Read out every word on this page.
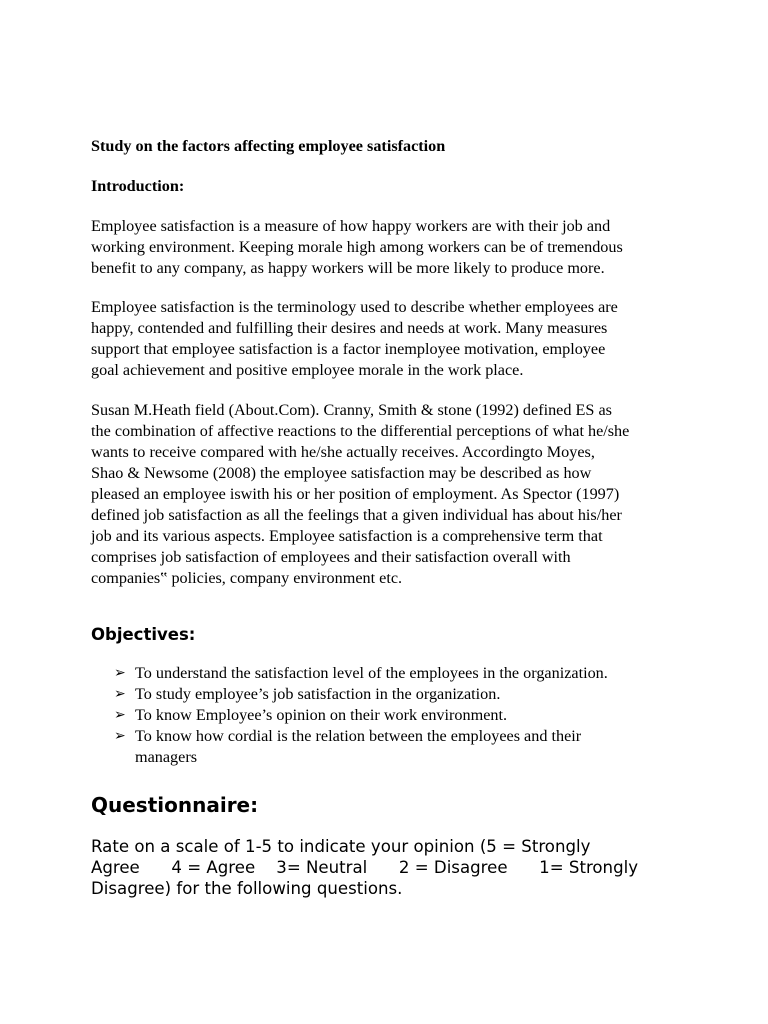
Study on the factors affecting employee satisfaction

Introduction:

Employee satisfaction is a measure of how happy workers are with their job and
working environment. Keeping morale high among workers can be of tremendous
benefit to any company, as happy workers will be more likely to produce more.

Employee satisfaction is the terminology used to describe whether employees are
happy, contended and fulfilling their desires and needs at work. Many measures
support that employee satisfaction is a factor inemployee motivation, employee
goal achievement and positive employee morale in the work place.

Susan M.Heath field (About.Com). Cranny, Smith & stone (1992) defined ES as
the combination of affective reactions to the differential perceptions of what he/she
wants to receive compared with he/she actually receives. Accordingto Moyes,
Shao & Newsome (2008) the employee satisfaction may be described as how
pleased an employee iswith his or her position of employment. As Spector (1997)
defined job satisfaction as all the feelings that a given individual has about his/her
job and its various aspects. Employee satisfaction is a comprehensive term that
comprises job satisfaction of employees and their satisfaction overall with
companies‟ policies, company environment etc.

Objectives:

➢ To understand the satisfaction level of the employees in the organization.
➢ To study employee’s job satisfaction in the organization.
➢ To know Employee’s opinion on their work environment.
➢ To know how cordial is the relation between the employees and their
managers

Questionnaire:

Rate on a scale of 1-5 to indicate your opinion (5 = Strongly
Agree      4 = Agree    3= Neutral      2 = Disagree      1= Strongly
Disagree) for the following questions.
